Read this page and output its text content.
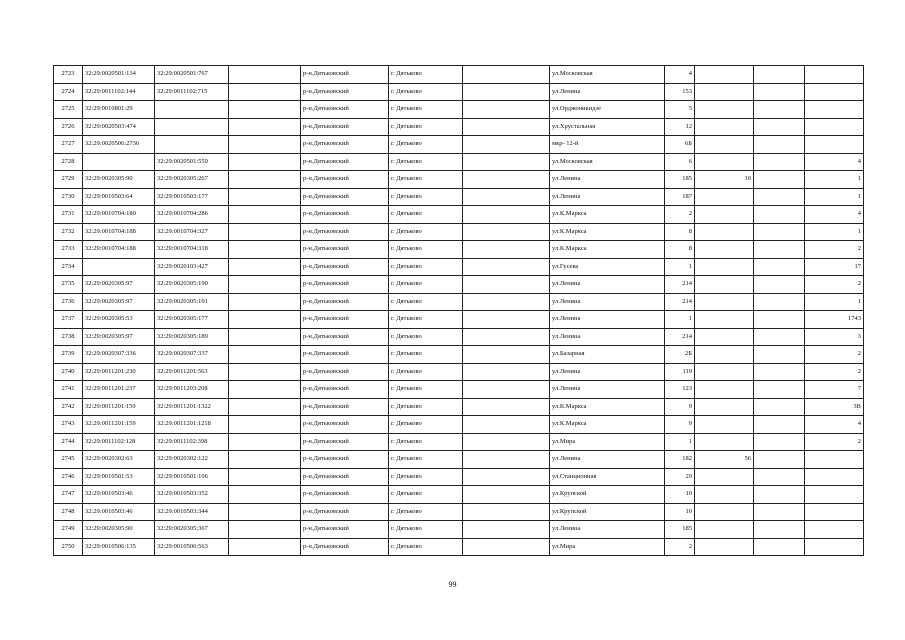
2723	32:29:0020501:134	32:29:0020501:767		р-н.Дятьковский	г. Дятьково		ул.Московская	4			
2724	32:29:0011102:144	32:29:0011102:715		р-н.Дятьковский	г. Дятьково		ул.Ленина	153			
2725	32:29:0010801:29			р-н.Дятьковский	г. Дятьково		ул.Орджоникидзе	5			
2726	32:29:0020503:474			р-н.Дятьковский	г. Дятьково		ул.Хрустальная	12			
2727	32:29:0020506:2736			р-н.Дятьковский	г. Дятьково		мкр- 12-й	6Б			
2728		32:29:0020501:559		р-н.Дятьковский	г. Дятьково		ул.Московская	6			4
2729	32:29:0020305:90	32:29:0020305:267		р-н.Дятьковский	г. Дятьково		ул.Ленина	185	10		1
2730	32:29:0010503:64	32:29:0010503:177		р-н.Дятьковский	г. Дятьково		ул.Ленина	187			1
2731	32:29:0010704:180	32:29:0010704:286		р-н.Дятьковский	г. Дятьково		ул.К.Маркса	2			4
2732	32:29:0010704:188	32:29:0010704:327		р-н.Дятьковский	г. Дятьково		ул.К.Маркса	8			1
2733	32:29:0010704:188	32:29:0010704:318		р-н.Дятьковский	г. Дятьково		ул.К.Маркса	8			2
2734		32:29:0020103:427		р-н.Дятьковский	г. Дятьково		ул.Гусева	1			17
2735	32:29:0020305:97	32:29:0020305:190		р-н.Дятьковский	г. Дятьково		ул.Ленина	214			2
2736	32:29:0020305:97	32:29:0020305:191		р-н.Дятьковский	г. Дятьково		ул.Ленина	214			1
2737	32:29:0020305:53	32:29:0020305:177		р-н.Дятьковский	г. Дятьково		ул.Ленина	1			1743
2738	32:29:0020305:97	32:29:0020305:189		р-н.Дятьковский	г. Дятьково		ул.Ленина	214			3
2739	32:29:0020307:336	32:29:0020307:337		р-н.Дятьковский	г. Дятьково		ул.Базарная	2Б			2
2740	32:29:0011201:230	32:29:0011201:563		р-н.Дятьковский	г. Дятьково		ул.Ленина	119			2
2741	32:29:0011201:237	32:29:0011203:208		р-н.Дятьковский	г. Дятьково		ул.Ленина	123			7
2742	32:29:0011201:159	32:29:0011201:1322		р-н.Дятьковский	г. Дятьково		ул.К.Маркса	9			3В
2743	32:29:0011201:159	32:29:0011201:1218		р-н.Дятьковский	г. Дятьково		ул.К.Маркса	9			4
2744	32:29:0011102:128	32:29:0011102:398		р-н.Дятьковский	г. Дятьково		ул.Мира	1			2
2745	32:29:0020302:63	32:29:0020302:122		р-н.Дятьковский	г. Дятьково		ул.Ленина	182	56		
2746	32:29:0010501:53	32:29:0010501:106		р-н.Дятьковский	г. Дятьково		ул.Станционная	29			
2747	32:29:0010503:46	32:29:0010503:352		р-н.Дятьковский	г. Дятьково		ул.Крупской	10			
2748	32:29:0010503:46	32:29:0010503:344		р-н.Дятьковский	г. Дятьково		ул.Крупской	10			
2749	32:29:0020305:90	32:29:0020305:367		р-н.Дятьковский	г. Дятьково		ул.Ленина	185			
2750	32:29:0010506:135	32:29:0010506:563		р-н.Дятьковский	г. Дятьково		ул.Мира	2			
99
